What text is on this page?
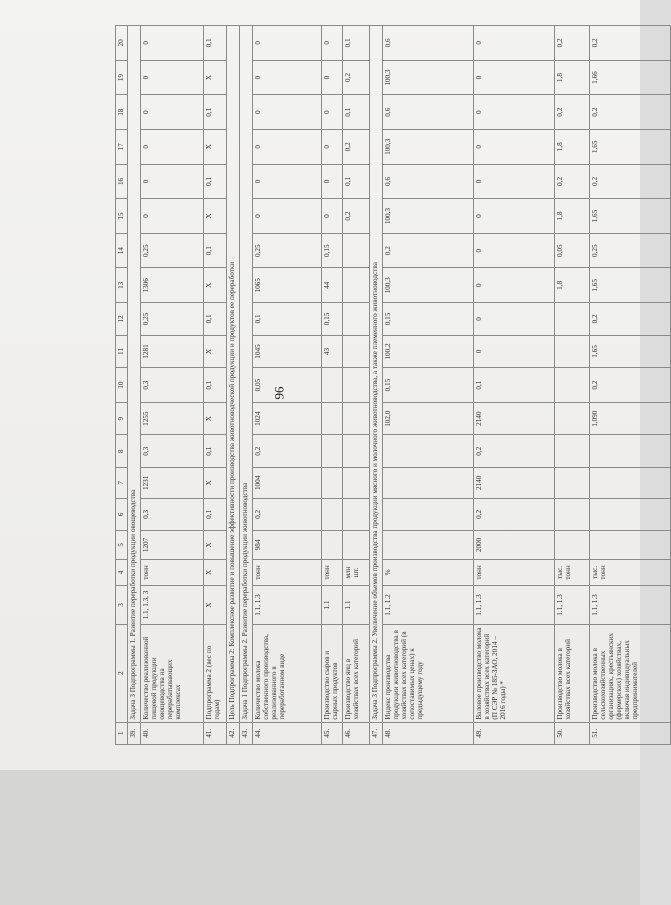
96
1	2	3	4	5	6	7	8	9	10	11	12	13	14	15	16	17	18	19	20
39.	Задача 3 Подпрограммы 1. Развитие переработки продукции овощеводства																		
40.	Количество реализованной пищевой продукции овощеводства на перерабатывающих комплексах	1.1, 1.3, 3	тонн	1207	0,3	1231	0,3	1255	0,3	1281	0,25	1306	0,25	0	0	0	0	0	0
41.	Подпрограмма 2 (вес по годам)	X	X	X	0,1	X	0,1	X	0,1	X	0,1	X	0,1	X	0,1	X	0,1	X	0,1
42.	Цель Подпрограммы 2: Комплексное развитие и повышение эффективности производства животноводческой продукции и продуктов ее переработки																		
43.	Задача 1 Подпрограммы 2. Развитие переработки продукции животноводства																		
44.	Количество молока собственного производства, реализованного в переработанном виде	1.1, 1.3	тонн	984	0,2	1004	0,2	1024	0,05	1045	0,1	1065	0,25	0	0	0	0	0	0
45.	Производство сыров и сырных продуктов	1.1	тонн							43	0,15	44	0,15	0	0	0	0	0	0
46.	Производство яиц в хозяйствах всех категорий	1.1	млн шт.											0,2	0,1	0,2	0,1	0,2	0,1
47.	Задача 3 Подпрограммы 2. Увеличение объемов производства продукции мясного и молочного животноводства, а также племенного животноводства																		
48.	Индекс производства продукции животноводства в хозяйствах всех категорий (в сопоставимых ценах) к предыдущему году	1.1, 1.2	%					102,0	0,15	100,2	0,15	100,3	0,2	100,3	0,6	100,3	0,6	100,3	0,6
49.	Валовое производство молока в хозяйствах всех категорий (П СЭР № 185-ЗАО, 2014 – 2016 годы) *	1.1, 1.3	тонн	2000	0,2	2140	0,2	2140	0,1	0	0	0	0	0	0	0	0	0	0
50.	Производство молока в хозяйствах всех категорий	1.1, 1.3	тыс. тонн									1,8	0,05	1,8	0,2	1,8	0,2	1,8	0,2
51.	Производство молока в сельскохозяйственных организациях, крестьянских (фермерских) хозяйствах, включая индивидуальных предпринимателей	1.1, 1.3	тыс. тонн					1,090	0,2	1,65	0,2	1,65	0,25	1,65	0,2	1,65	0,2	1,66	0,2
